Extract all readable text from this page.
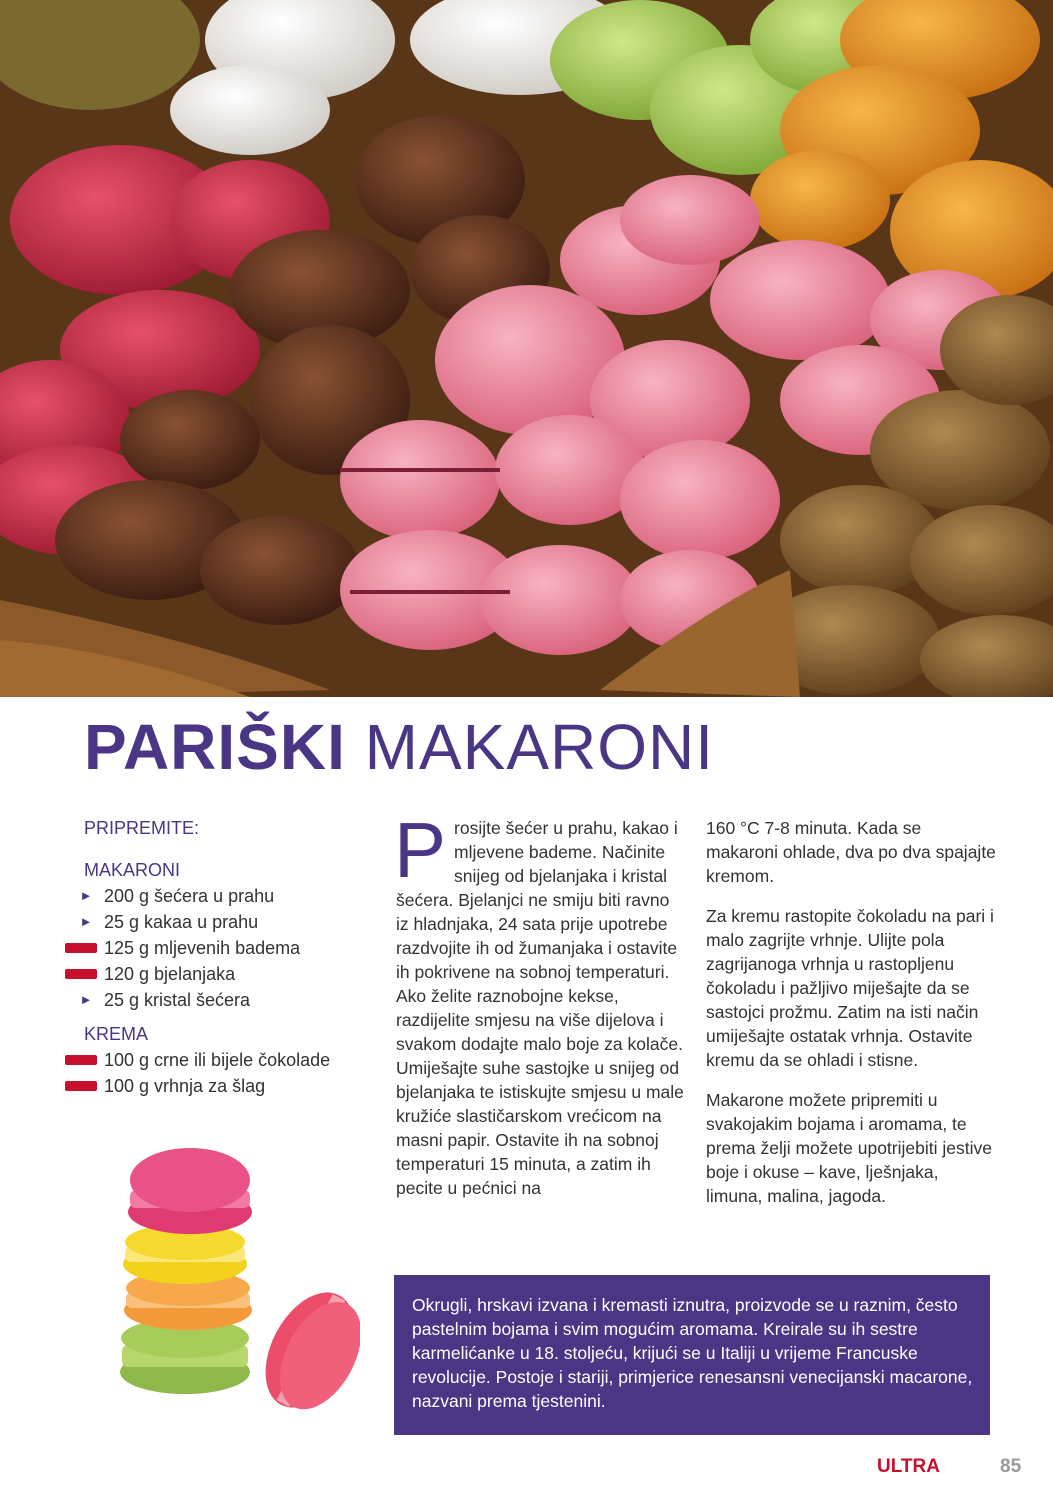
PARIŠKI MAKARONI
PRIPREMITE:
MAKARONI
► 200 g šećera u prahu
► 25 g kakaa u prahu
125 g mljevenih badema
120 g bjelanjaka
► 25 g kristal šećera
KREMA
100 g crne ili bijele čokolade
100 g vrhnja za šlag

Prosijte šećer u prahu, kakao i mljevene bademe. Načinite snijeg od bjelanjaka i kristal šećera. Bjelanjci ne smiju biti ravno iz hladnjaka, 24 sata prije upotrebe razdvojite ih od žumanjaka i ostavite ih pokrivene na sobnoj temperaturi. Ako želite raznobojne kekse, razdijelite smjesu na više dijelova i svakom dodajte malo boje za kolače. Umiješajte suhe sastojke u snijeg od bjelanjaka te istiskujte smjesu u male kružiće slastičarskom vrećicom na masni papir. Ostavite ih na sobnoj temperaturi 15 minuta, a zatim ih pecite u pećnici na

160 °C 7-8 minuta. Kada se makaroni ohlade, dva po dva spajajte kremom.

Za kremu rastopite čokoladu na pari i malo zagrijte vrhnje. Ulijte pola zagrijanoga vrhnja u rastopljenu čokoladu i pažljivo miješajte da se sastojci prožmu. Zatim na isti način umiješajte ostatak vrhnja. Ostavite kremu da se ohladi i stisne.

Makarone možete pripremiti u svakojakim bojama i aromama, te prema želji možete upotrijebiti jestive boje i okuse – kave, lješnjaka, limuna, malina, jagoda.

Okrugli, hrskavi izvana i kremasti iznutra, proizvode se u raznim, često pastelnim bojama i svim mogućim aromama. Kreirale su ih sestre karmelićanke u 18. stoljeću, krijući se u Italiji u vrijeme Francuske revolucije. Postoje i stariji, primjerice renesansni venecijanski macarone, nazvani prema tjestenini.
ULTRA	85
